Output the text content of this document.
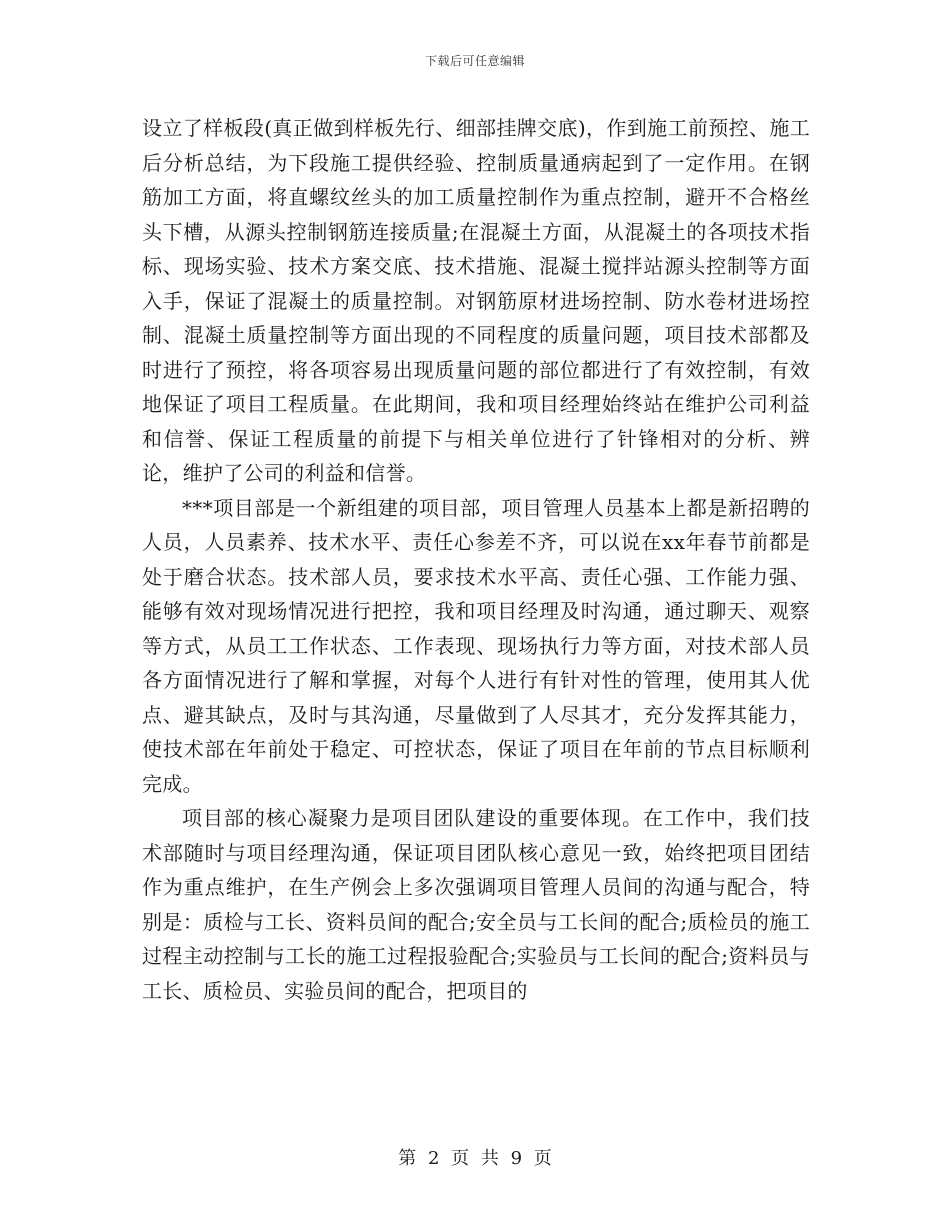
下载后可任意编辑

设立了样板段(真正做到样板先行、细部挂牌交底)，作到施工前预控、施工后分析总结，为下段施工提供经验、控制质量通病起到了一定作用。在钢筋加工方面，将直螺纹丝头的加工质量控制作为重点控制，避开不合格丝头下槽，从源头控制钢筋连接质量;在混凝土方面，从混凝土的各项技术指标、现场实验、技术方案交底、技术措施、混凝土搅拌站源头控制等方面入手，保证了混凝土的质量控制。对钢筋原材进场控制、防水卷材进场控制、混凝土质量控制等方面出现的不同程度的质量问题，项目技术部都及时进行了预控，将各项容易出现质量问题的部位都进行了有效控制，有效地保证了项目工程质量。在此期间，我和项目经理始终站在维护公司利益和信誉、保证工程质量的前提下与相关单位进行了针锋相对的分析、辨论，维护了公司的利益和信誉。

***项目部是一个新组建的项目部，项目管理人员基本上都是新招聘的人员，人员素养、技术水平、责任心参差不齐，可以说在xx年春节前都是处于磨合状态。技术部人员，要求技术水平高、责任心强、工作能力强、能够有效对现场情况进行把控，我和项目经理及时沟通，通过聊天、观察等方式，从员工工作状态、工作表现、现场执行力等方面，对技术部人员各方面情况进行了解和掌握，对每个人进行有针对性的管理，使用其人优点、避其缺点，及时与其沟通，尽量做到了人尽其才，充分发挥其能力，使技术部在年前处于稳定、可控状态，保证了项目在年前的节点目标顺利完成。

项目部的核心凝聚力是项目团队建设的重要体现。在工作中，我们技术部随时与项目经理沟通，保证项目团队核心意见一致，始终把项目团结作为重点维护，在生产例会上多次强调项目管理人员间的沟通与配合，特别是：质检与工长、资料员间的配合;安全员与工长间的配合;质检员的施工过程主动控制与工长的施工过程报验配合;实验员与工长间的配合;资料员与工长、质检员、实验员间的配合，把项目的

第 2 页 共 9 页
